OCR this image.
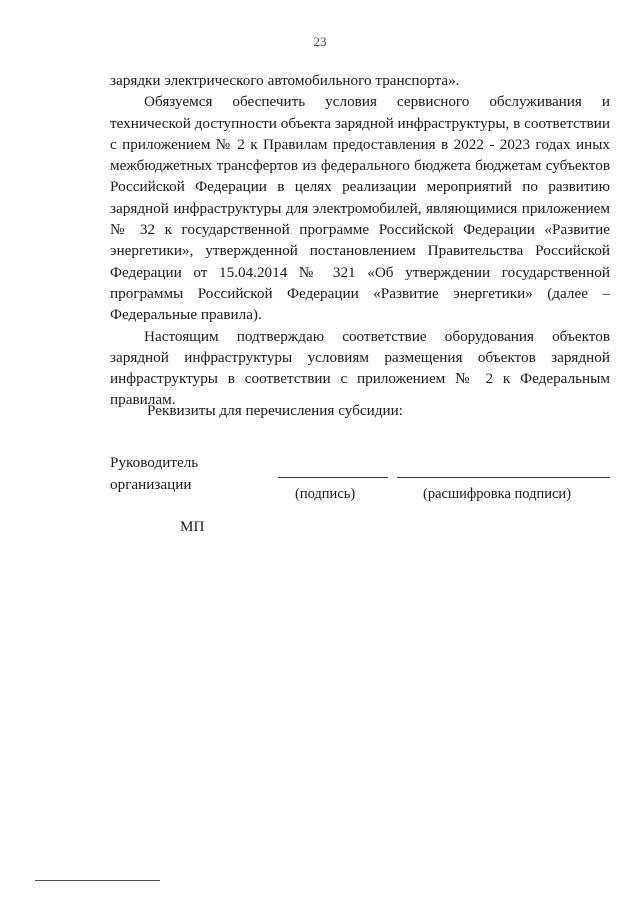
23

зарядки электрического автомобильного транспорта».

Обязуемся обеспечить условия сервисного обслуживания и технической доступности объекта зарядной инфраструктуры, в соответствии с приложением № 2 к Правилам предоставления в 2022 - 2023 годах иных межбюджетных трансфертов из федерального бюджета бюджетам субъектов Российской Федерации в целях реализации мероприятий по развитию зарядной инфраструктуры для электромобилей, являющимися приложением № 32 к государственной программе Российской Федерации «Развитие энергетики», утвержденной постановлением Правительства Российской Федерации от 15.04.2014 № 321 «Об утверждении государственной программы Российской Федерации «Развитие энергетики» (далее – Федеральные правила).

Настоящим подтверждаю соответствие оборудования объектов зарядной инфраструктуры условиям размещения объектов зарядной инфраструктуры в соответствии с приложением № 2 к Федеральным правилам.

Реквизиты для перечисления субсидии:
Руководитель
организации
(подпись)	(расшифровка подписи)
МП
